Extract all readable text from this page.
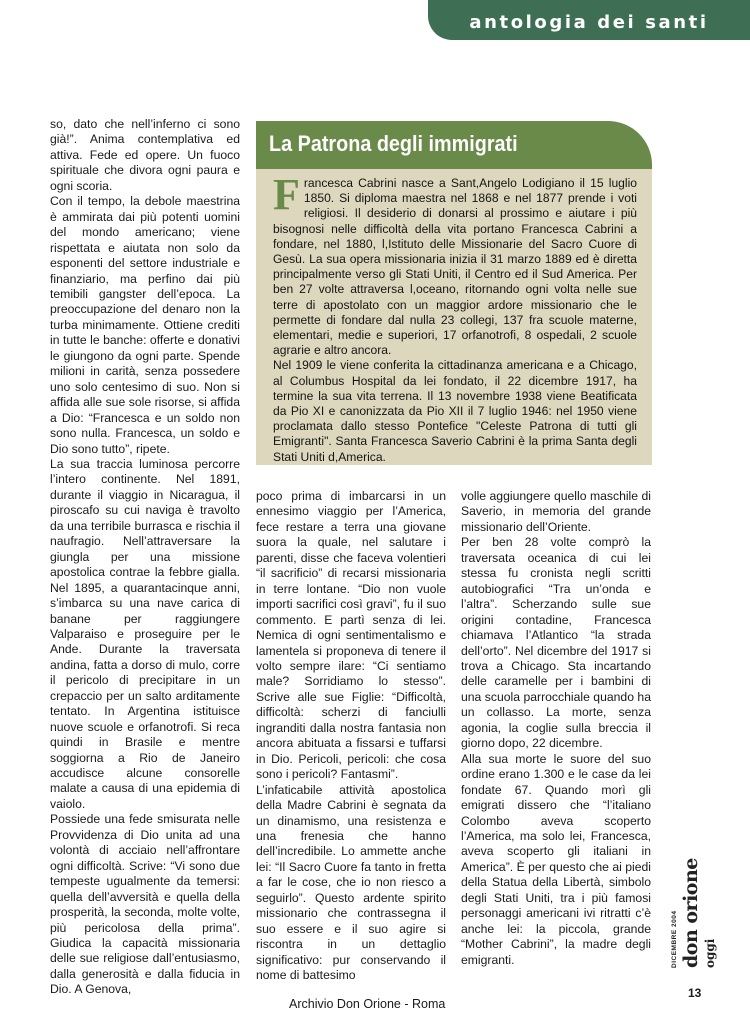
antologia dei santi

so, dato che nell’inferno ci sono già!”. Anima contemplativa ed attiva. Fede ed opere. Un fuoco spirituale che divora ogni paura e ogni scoria.
Con il tempo, la debole maestrina è ammirata dai più potenti uomini del mondo americano; viene rispettata e aiutata non solo da esponenti del settore industriale e finanziario, ma perfino dai più temibili gangster dell’epoca. La preoccupazione del denaro non la turba minimamente. Ottiene crediti in tutte le banche: offerte e donativi le giungono da ogni parte. Spende milioni in carità, senza possedere uno solo centesimo di suo. Non si affida alle sue sole risorse, si affida a Dio: “Francesca e un soldo non sono nulla. Francesca, un soldo e Dio sono tutto”, ripete.
La sua traccia luminosa percorre l’intero continente. Nel 1891, durante il viaggio in Nicaragua, il piroscafo su cui naviga è travolto da una terribile burrasca e rischia il naufragio. Nell’attraversare la giungla per una missione apostolica contrae la febbre gialla. Nel 1895, a quarantacinque anni, s’imbarca su una nave carica di banane per raggiungere Valparaiso e proseguire per le Ande. Durante la traversata andina, fatta a dorso di mulo, corre il pericolo di precipitare in un crepaccio per un salto arditamente tentato. In Argentina istituisce nuove scuole e orfanotrofi. Si reca quindi in Brasile e mentre soggiorna a Rio de Janeiro accudisce alcune consorelle malate a causa di una epidemia di vaiolo.
Possiede una fede smisurata nelle Provvidenza di Dio unita ad una volontà di acciaio nell’affrontare ogni difficoltà. Scrive: “Vi sono due tempeste ugualmente da temersi: quella dell’avversità e quella della prosperità, la seconda, molte volte, più pericolosa della prima”. Giudica la capacità missionaria delle sue religiose dall’entusiasmo, dalla generosità e dalla fiducia in Dio. A Genova,

La Patrona degli immigrati
Francesca Cabrini nasce a Sant,Angelo Lodigiano il 15 luglio 1850. Si diploma maestra nel 1868 e nel 1877 prende i voti religiosi. Il desiderio di donarsi al prossimo e aiutare i più bisognosi nelle difficoltà della vita portano Francesca Cabrini a fondare, nel 1880, l,Istituto delle Missionarie del Sacro Cuore di Gesù. La sua opera missionaria inizia il 31 marzo 1889 ed è diretta principalmente verso gli Stati Uniti, il Centro ed il Sud America. Per ben 27 volte attraversa l,oceano, ritornando ogni volta nelle sue terre di apostolato con un maggior ardore missionario che le permette di fondare dal nulla 23 collegi, 137 fra scuole materne, elementari, medie e superiori, 17 orfanotrofi, 8 ospedali, 2 scuole agrarie e altro ancora.
Nel 1909 le viene conferita la cittadinanza americana e a Chicago, al Columbus Hospital da lei fondato, il 22 dicembre 1917, ha termine la sua vita terrena. Il 13 novembre 1938 viene Beatificata da Pio XI e canonizzata da Pio XII il 7 luglio 1946: nel 1950 viene proclamata dallo stesso Pontefice "Celeste Patrona di tutti gli Emigranti". Santa Francesca Saverio Cabrini è la prima Santa degli Stati Uniti d,America.

poco prima di imbarcarsi in un ennesimo viaggio per l’America, fece restare a terra una giovane suora la quale, nel salutare i parenti, disse che faceva volentieri “il sacrificio” di recarsi missionaria in terre lontane. “Dio non vuole importi sacrifici così gravi”, fu il suo commento. E partì senza di lei. Nemica di ogni sentimentalismo e lamentela si proponeva di tenere il volto sempre ilare: “Ci sentiamo male? Sorridiamo lo stesso”. Scrive alle sue Figlie: “Difficoltà, difficoltà: scherzi di fanciulli ingranditi dalla nostra fantasia non ancora abituata a fissarsi e tuffarsi in Dio. Pericoli, pericoli: che cosa sono i pericoli? Fantasmi”.
L’infaticabile attività apostolica della Madre Cabrini è segnata da un dinamismo, una resistenza e una frenesia che hanno dell’incredibile. Lo ammette anche lei: “Il Sacro Cuore fa tanto in fretta a far le cose, che io non riesco a seguirlo”. Questo ardente spirito missionario che contrassegna il suo essere e il suo agire si riscontra in un dettaglio significativo: pur conservando il nome di battesimo

volle aggiungere quello maschile di Saverio, in memoria del grande missionario dell’Oriente.
Per ben 28 volte comprò la traversata oceanica di cui lei stessa fu cronista negli scritti autobiografici “Tra un’onda e l’altra”. Scherzando sulle sue origini contadine, Francesca chiamava l’Atlantico “la strada dell’orto”. Nel dicembre del 1917 si trova a Chicago. Sta incartando delle caramelle per i bambini di una scuola parrocchiale quando ha un collasso. La morte, senza agonia, la coglie sulla breccia il giorno dopo, 22 dicembre.
Alla sua morte le suore del suo ordine erano 1.300 e le case da lei fondate 67. Quando morì gli emigrati dissero che “l’italiano Colombo aveva scoperto l’America, ma solo lei, Francesca, aveva scoperto gli italiani in America”. È per questo che ai piedi della Statua della Libertà, simbolo degli Stati Uniti, tra i più famosi personaggi americani ivi ritratti c’è anche lei: la piccola, grande “Mother Cabrini”, la madre degli emigranti.	DICEMBRE 2004 don orione oggi

13

Archivio Don Orione - Roma
